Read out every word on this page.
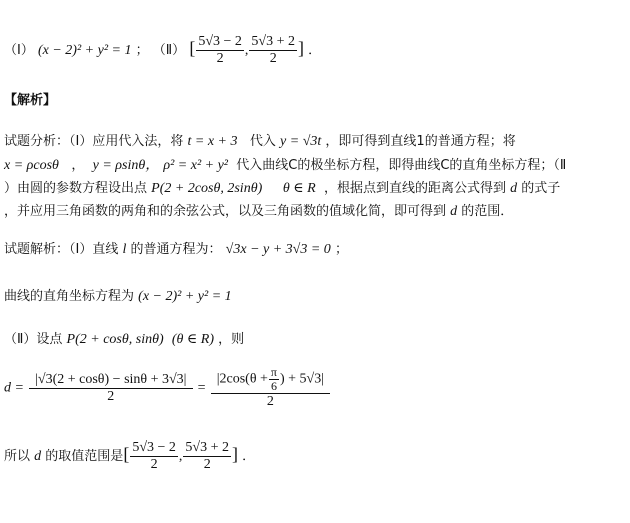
（Ⅰ） (x − 2)² + y² = 1 ； （Ⅱ） [ $\frac{5√3 - 2}{2}$ , $\frac{5√3 + 2}{2}$ ] ．
【解析】
试题分析：（Ⅰ）应用代入法，将 t = x + 3 代入 y = √3t ，即可得到直线1的普通方程；将
x = ρcosθ ， y = ρsinθ， ρ² = x² + y² 代入曲线C的极坐标方程，即得曲线C的直角坐标方程；（Ⅱ
）由圆的参数方程设出点 P(2 + 2cosθ, 2sinθ) θ ∈ R ，根据点到直线的距离公式得到 d 的式子
，并应用三角函数的两角和的余弦公式，以及三角函数的值域化简，即可得到 d 的范围．
试题解析：（Ⅰ）直线 l 的普通方程为： √3x − y + 3√3 = 0 ；
曲线的直角坐标方程为 (x − 2)² + y² = 1
（Ⅱ）设点 P(2 + cosθ, sinθ) (θ ∈ R) ，则
$d = \frac{|√3(2 + \cos\theta) - \sin\theta + 3√3|}{2} = \frac{|2\cos(\theta + \frac{\pi}{6} ) + 5√3|}{2}$
所以 d 的取值范围是[ $\frac{5√3 - 2}{2}$ , $\frac{5√3 + 2}{2}$ ] ．
